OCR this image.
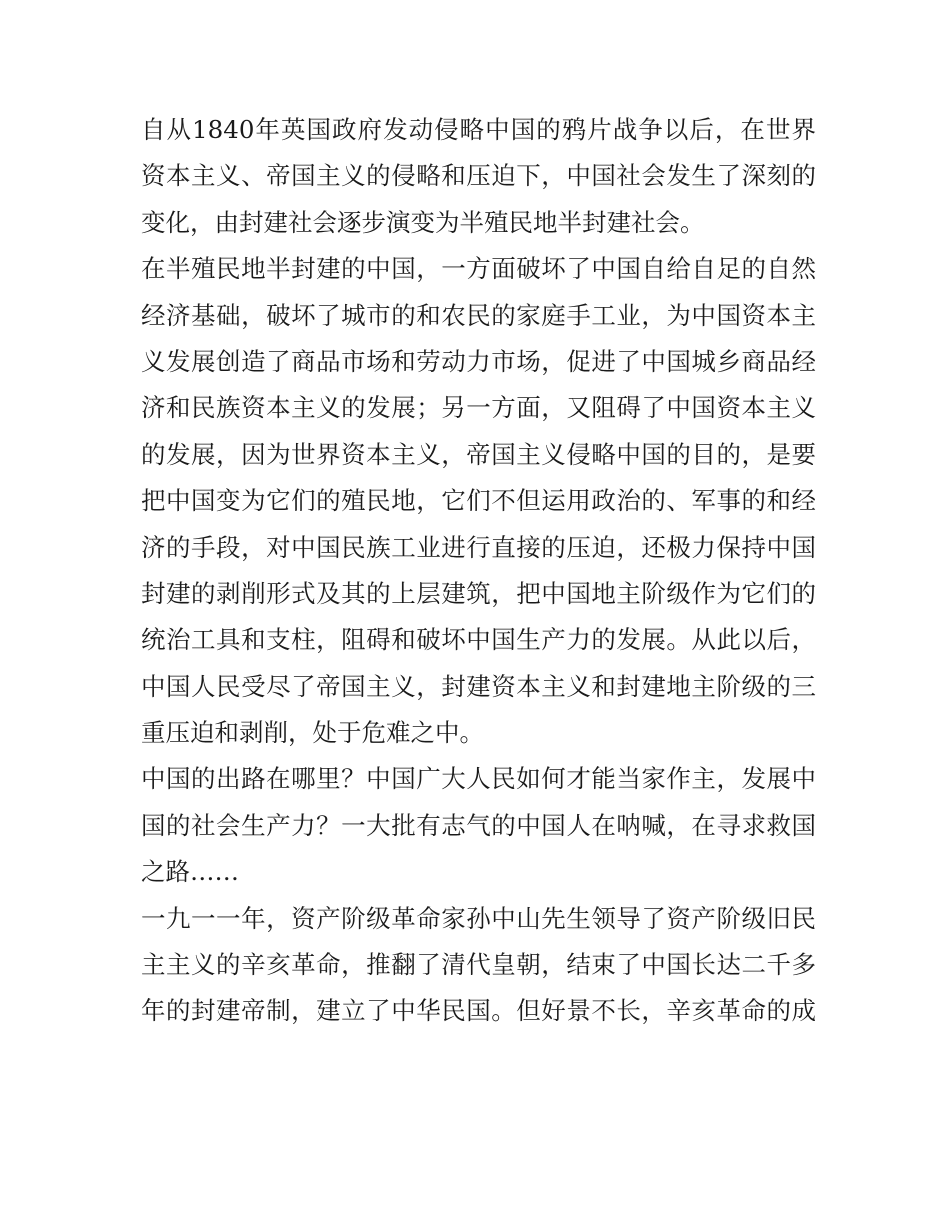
自从1840年英国政府发动侵略中国的鸦片战争以后，在世界
资本主义、帝国主义的侵略和压迫下，中国社会发生了深刻的
变化，由封建社会逐步演变为半殖民地半封建社会。
在半殖民地半封建的中国，一方面破坏了中国自给自足的自然
经济基础，破坏了城市的和农民的家庭手工业，为中国资本主
义发展创造了商品市场和劳动力市场，促进了中国城乡商品经
济和民族资本主义的发展；另一方面，又阻碍了中国资本主义
的发展，因为世界资本主义，帝国主义侵略中国的目的，是要
把中国变为它们的殖民地，它们不但运用政治的、军事的和经
济的手段，对中国民族工业进行直接的压迫，还极力保持中国
封建的剥削形式及其的上层建筑，把中国地主阶级作为它们的
统治工具和支柱，阻碍和破坏中国生产力的发展。从此以后，
中国人民受尽了帝国主义，封建资本主义和封建地主阶级的三
重压迫和剥削，处于危难之中。
中国的出路在哪里？中国广大人民如何才能当家作主，发展中
国的社会生产力？一大批有志气的中国人在呐喊，在寻求救国
之路……
一九一一年，资产阶级革命家孙中山先生领导了资产阶级旧民
主主义的辛亥革命，推翻了清代皇朝，结束了中国长达二千多
年的封建帝制，建立了中华民国。但好景不长，辛亥革命的成
